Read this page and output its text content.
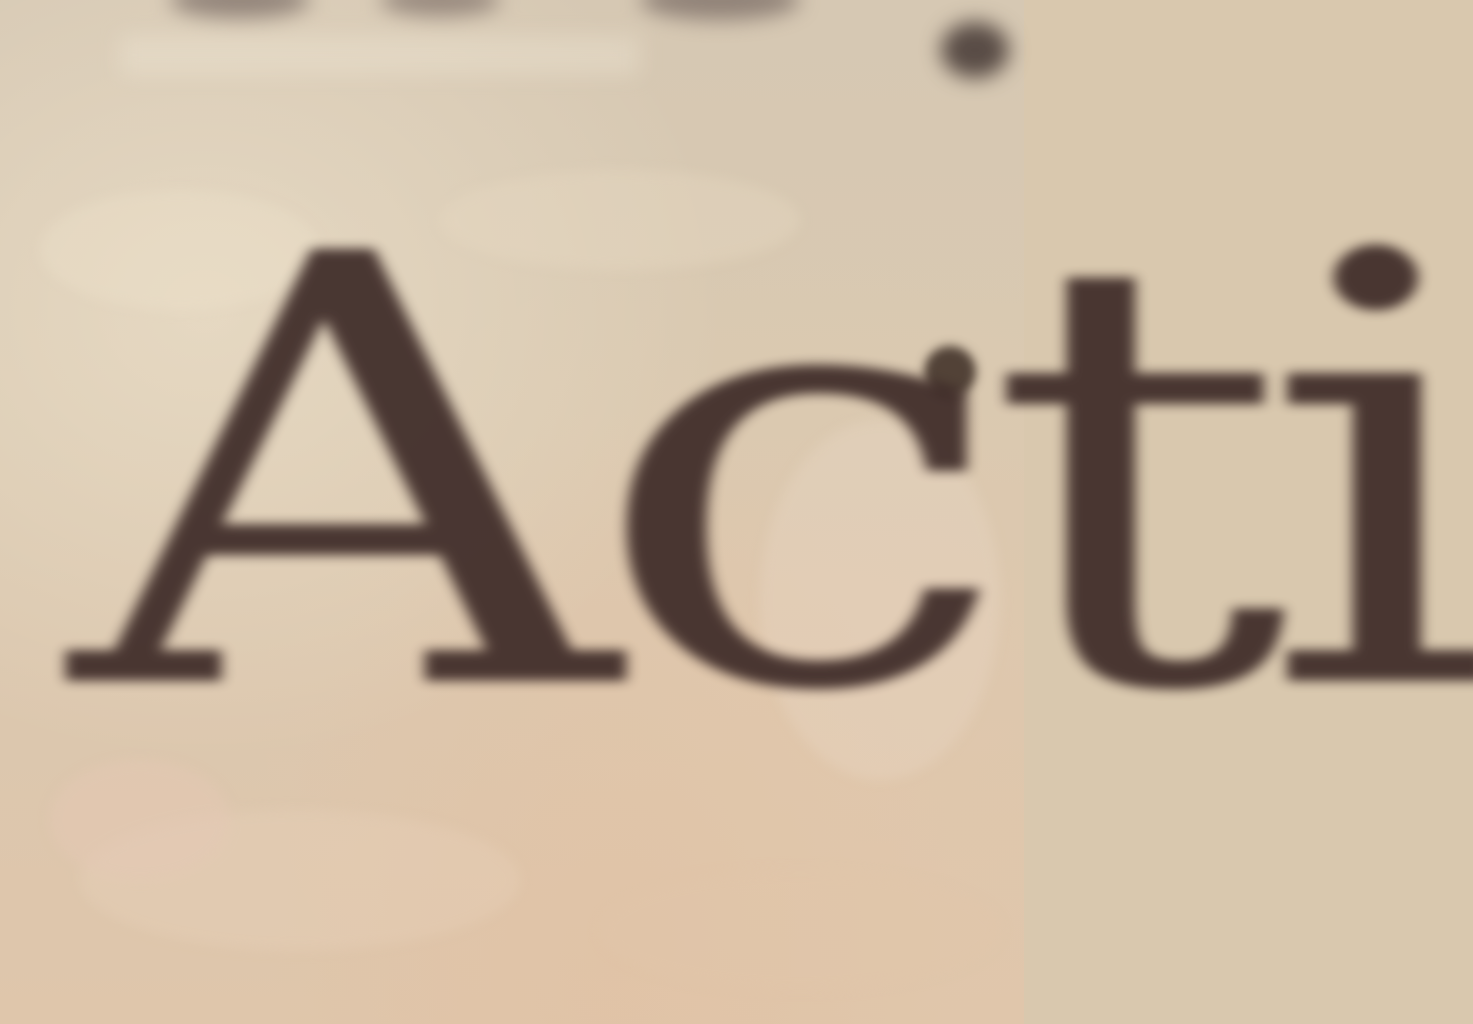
Acti
